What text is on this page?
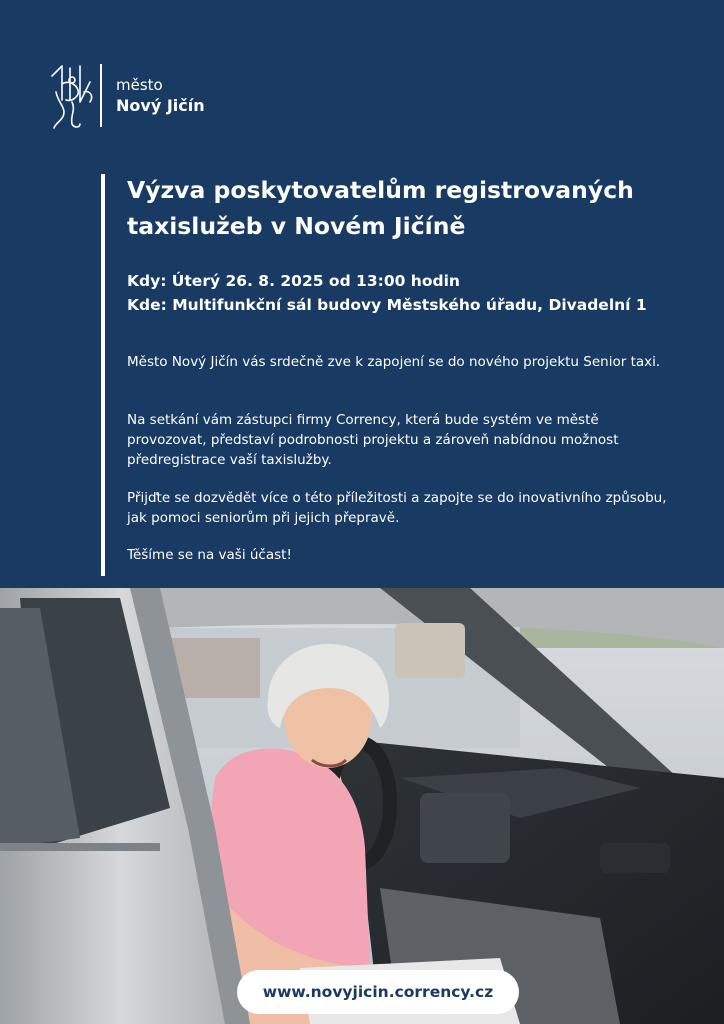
město
Nový Jičín
Výzva poskytovatelům registrovaných
taxislužeb v Novém Jičíně
Kdy: Úterý 26. 8. 2025 od 13:00 hodin
Kde: Multifunkční sál budovy Městského úřadu, Divadelní 1
Město Nový Jičín vás srdečně zve k zapojení se do nového projektu Senior taxi.
Na setkání vám zástupci firmy Corrency, která bude systém ve městě provozovat, představí podrobnosti projektu a zároveň nabídnou možnost předregistrace vaší taxislužby.
Přijďte se dozvědět více o této příležitosti a zapojte se do inovativního způsobu, jak pomoci seniorům při jejich přepravě.
Těšíme se na vaši účast!
www.novyjicin.corrency.cz
